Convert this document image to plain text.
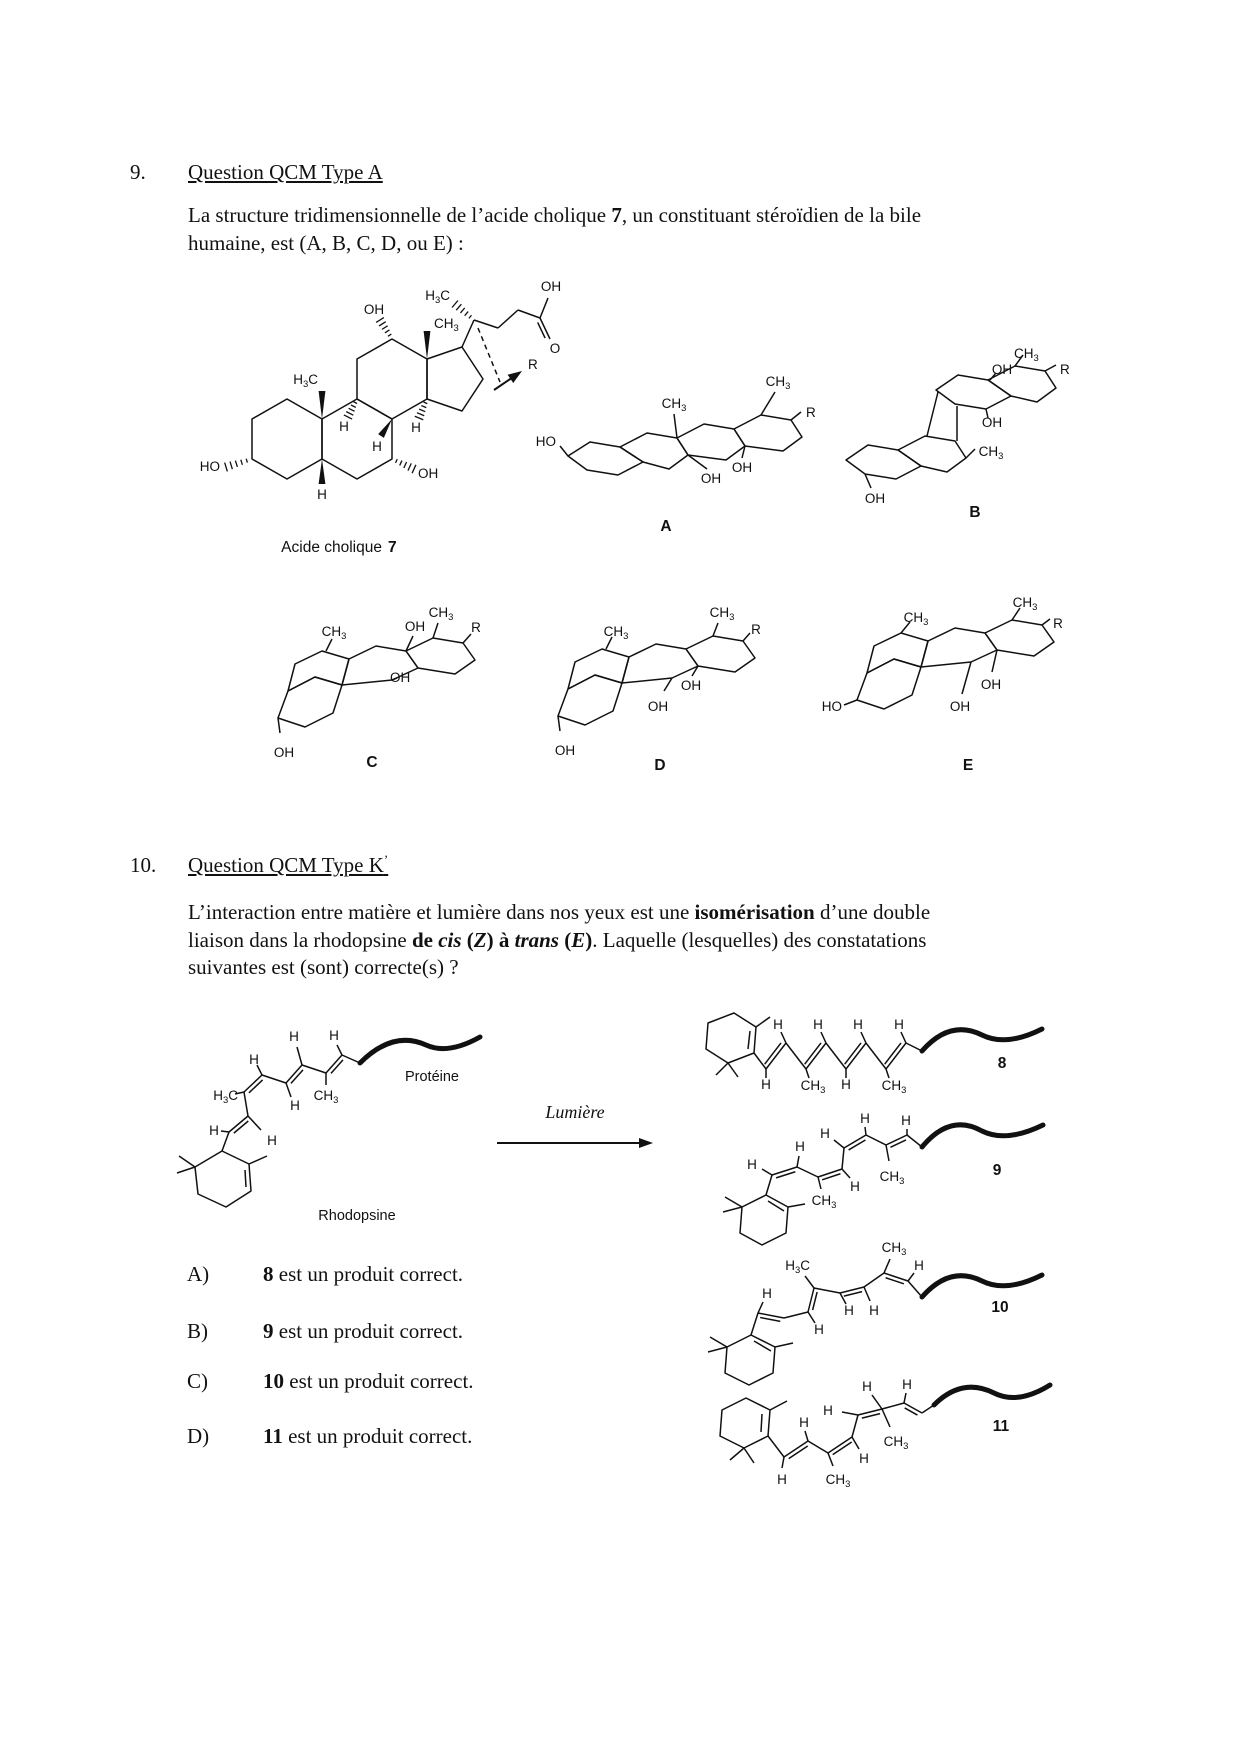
9. Question QCM Type A
La structure tridimensionnelle de l’acide cholique 7, un constituant stéroïdien de la bile
humaine, est (A, B, C, D, ou E) :
HO
H
$H_3C$
$CH_3$
OH
H
H
H
OH
$H_3C$
O
OH
R
Acide cholique 7
HO
$CH_3$
$CH_3$
R
OH
OH
A
OH
OH
$CH_3$
OH
$CH_3$
R
B
OH
$CH_3$
OH
OH
$CH_3$
R
C
OH
$CH_3$
OH
OH
$CH_3$
R
D
HO
$CH_3$
OH
OH
$CH_3$
R
E
10. Question QCM Type K’
L’interaction entre matière et lumière dans nos yeux est une isomérisation d’une double
liaison dans la rhodopsine de cis (Z) à trans (E). Laquelle (lesquelles) des constatations
suivantes est (sont) correcte(s) ?
H
H
$H_3C$
H
H
H
$CH_3$
H
Protéine
Rhodopsine
Lumière
H H H H
H $CH_3$ H $CH_3$
8
H
H
H
H H
H
$CH_3$
$CH_3$
9
H
H
$H_3C$
H H
$CH_3$
H
10
H
H
$CH_3$
H
H
$CH_3$
H H
11
A)	8 est un produit correct.
B)	9 est un produit correct.
C)	10 est un produit correct.
D)	11 est un produit correct.
